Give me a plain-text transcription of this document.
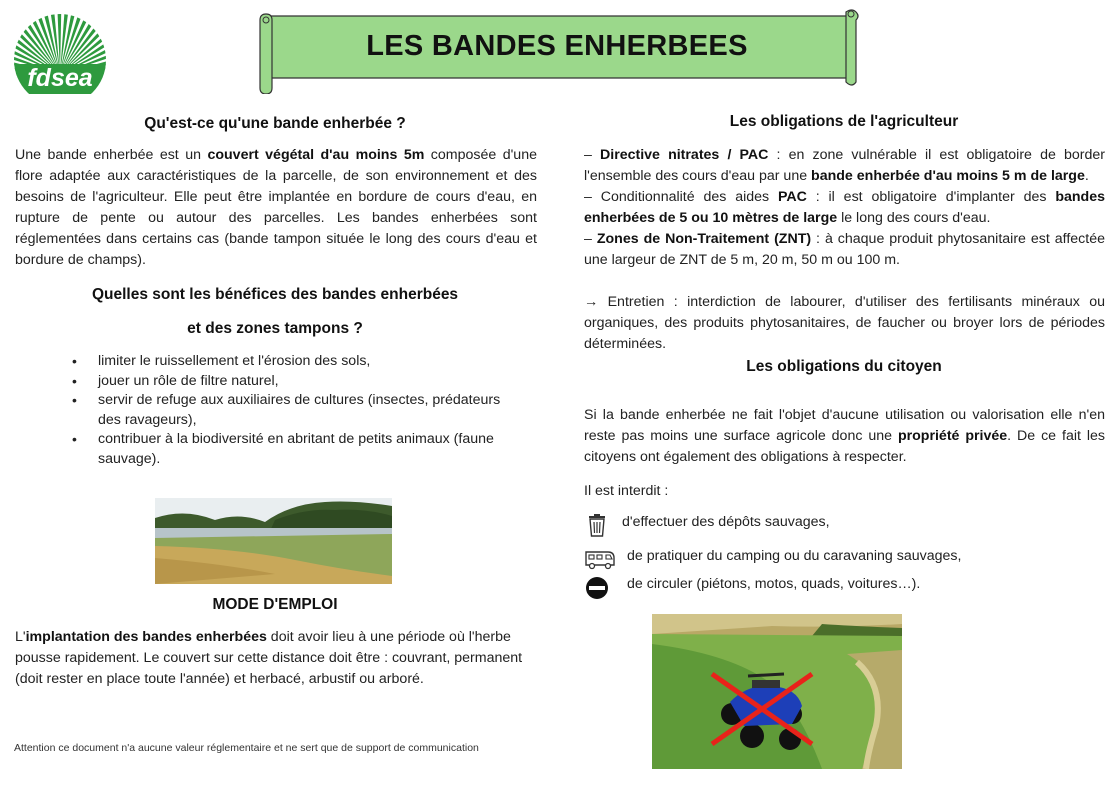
fdsea
52
LES BANDES ENHERBEES
Qu'est-ce qu'une bande enherbée ?

Une bande enherbée est un couvert végétal d'au moins 5m composée d'une flore adaptée aux caractéristiques de la parcelle, de son environnement et des besoins de l'agriculteur. Elle peut être implantée en bordure de cours d'eau, en rupture de pente ou autour des parcelles. Les bandes enherbées sont réglementées dans certains cas (bande tampon située le long des cours d'eau et bordure de champs).

Quelles sont les bénéfices des bandes enherbées
et des zones tampons ?
• limiter le ruissellement et l'érosion des sols,
• jouer un rôle de filtre naturel,
• servir de refuge aux auxiliaires de cultures (insectes, prédateurs des ravageurs),
• contribuer à la biodiversité en abritant de petits animaux (faune sauvage).
MODE D'EMPLOI

L'implantation des bandes enherbées doit avoir lieu à une période où l'herbe pousse rapidement. Le couvert sur cette distance doit être : couvrant, permanent (doit rester en place toute l'année) et herbacé, arbustif ou arboré.

Attention ce document n'a aucune valeur réglementaire et ne sert que de support de communication
Les obligations de l'agriculteur

– Directive nitrates / PAC : en zone vulnérable il est obligatoire de border l'ensemble des cours d'eau par une bande enherbée d'au moins 5 m de large.
– Conditionnalité des aides PAC : il est obligatoire d'implanter des bandes enherbées de 5 ou 10 mètres de large le long des cours d'eau.
– Zones de Non-Traitement (ZNT) : à chaque produit phytosanitaire est affectée une largeur de ZNT de 5 m, 20 m, 50 m ou 100 m.

→ Entretien : interdiction de labourer, d'utiliser des fertilisants minéraux ou organiques, des produits phytosanitaires, de faucher ou broyer lors de périodes déterminées.

Les obligations du citoyen

Si la bande enherbée ne fait l'objet d'aucune utilisation ou valorisation elle n'en reste pas moins une surface agricole donc une propriété privée. De ce fait les citoyens ont également des obligations à respecter.

Il est interdit :

d'effectuer des dépôts sauvages,
de pratiquer du camping ou du caravaning sauvages,
de circuler (piétons, motos, quads, voitures…).
